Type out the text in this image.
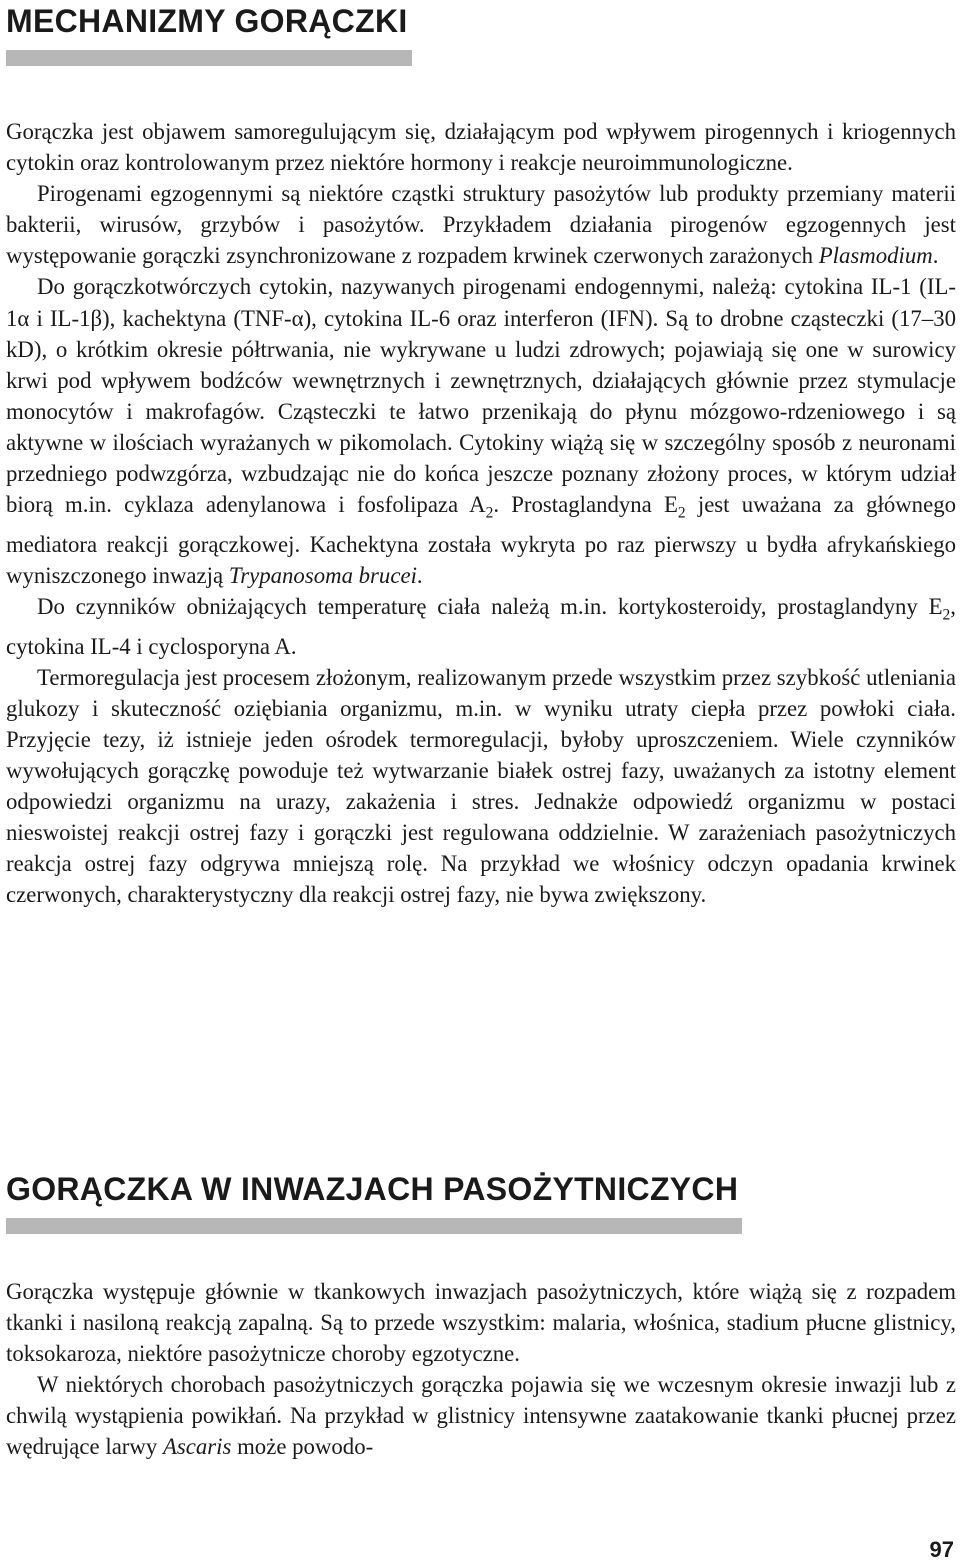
MECHANIZMY GORĄCZKI

Gorączka jest objawem samoregulującym się, działającym pod wpływem pirogennych i kriogennych cytokin oraz kontrolowanym przez niektóre hormony i reakcje neuroimmunologiczne.

Pirogenami egzogennymi są niektóre cząstki struktury pasożytów lub produkty przemiany materii bakterii, wirusów, grzybów i pasożytów. Przykładem działania pirogenów egzogennych jest występowanie gorączki zsynchronizowane z rozpadem krwinek czerwonych zarażonych Plasmodium.

Do gorączkotwórczych cytokin, nazywanych pirogenami endogennymi, należą: cytokina IL-1 (IL-1α i IL-1β), kachektyna (TNF-α), cytokina IL-6 oraz interferon (IFN). Są to drobne cząsteczki (17–30 kD), o krótkim okresie półtrwania, nie wykrywane u ludzi zdrowych; pojawiają się one w surowicy krwi pod wpływem bodźców wewnętrznych i zewnętrznych, działających głównie przez stymulacje monocytów i makrofagów. Cząsteczki te łatwo przenikają do płynu mózgowo-rdzeniowego i są aktywne w ilościach wyrażanych w pikomolach. Cytokiny wiążą się w szczególny sposób z neuronami przedniego podwzgórza, wzbudzając nie do końca jeszcze poznany złożony proces, w którym udział biorą m.in. cyklaza adenylanowa i fosfolipaza $A_2$. Prostaglandyna $E_2$ jest uważana za głównego mediatora reakcji gorączkowej. Kachektyna została wykryta po raz pierwszy u bydła afrykańskiego wyniszczonego inwazją Trypanosoma brucei.

Do czynników obniżających temperaturę ciała należą m.in. kortykosteroidy, prostaglandyny $E_2$, cytokina IL-4 i cyclosporyna A.

Termoregulacja jest procesem złożonym, realizowanym przede wszystkim przez szybkość utleniania glukozy i skuteczność oziębiania organizmu, m.in. w wyniku utraty ciepła przez powłoki ciała. Przyjęcie tezy, iż istnieje jeden ośrodek termoregulacji, byłoby uproszczeniem. Wiele czynników wywołujących gorączkę powoduje też wytwarzanie białek ostrej fazy, uważanych za istotny element odpowiedzi organizmu na urazy, zakażenia i stres. Jednakże odpowiedź organizmu w postaci nieswoistej reakcji ostrej fazy i gorączki jest regulowana oddzielnie. W zarażeniach pasożytniczych reakcja ostrej fazy odgrywa mniejszą rolę. Na przykład we włośnicy odczyn opadania krwinek czerwonych, charakterystyczny dla reakcji ostrej fazy, nie bywa zwiększony.

GORĄCZKA W INWAZJACH PASOŻYTNICZYCH

Gorączka występuje głównie w tkankowych inwazjach pasożytniczych, które wiążą się z rozpadem tkanki i nasiloną reakcją zapalną. Są to przede wszystkim: malaria, włośnica, stadium płucne glistnicy, toksokaroza, niektóre pasożytnicze choroby egzotyczne.

W niektórych chorobach pasożytniczych gorączka pojawia się we wczesnym okresie inwazji lub z chwilą wystąpienia powikłań. Na przykład w glistnicy intensywne zaatakowanie tkanki płucnej przez wędrujące larwy Ascaris może powodo-

97
